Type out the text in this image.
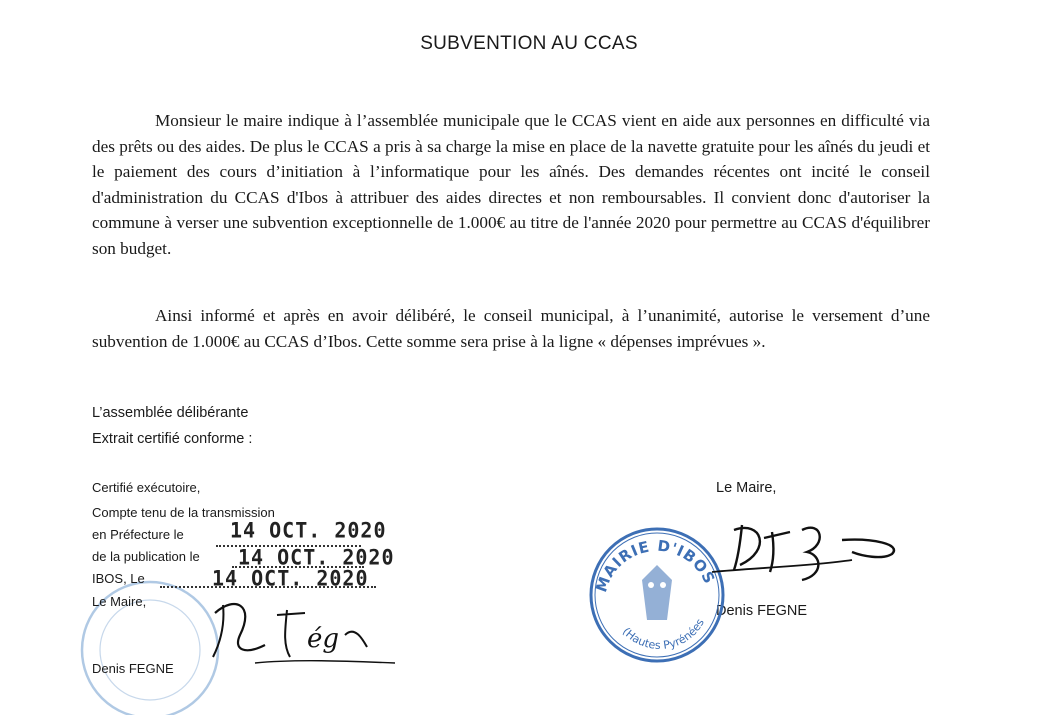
SUBVENTION AU CCAS

Monsieur le maire indique à l’assemblée municipale que le CCAS vient en aide aux personnes en difficulté via des prêts ou des aides. De plus le CCAS a pris à sa charge la mise en place de la navette gratuite pour les aînés du jeudi et le paiement des cours d’initiation à l’informatique pour les aînés. Des demandes récentes ont incité le conseil d'administration du CCAS d'Ibos à attribuer des aides directes et non remboursables. Il convient donc d'autoriser la commune à verser une subvention exceptionnelle de 1.000€ au titre de l'année 2020 pour permettre au CCAS d'équilibrer son budget.

Ainsi informé et après en avoir délibéré, le conseil municipal, à l’unanimité, autorise le versement d’une subvention de 1.000€ au CCAS d’Ibos. Cette somme sera prise à la ligne « dépenses imprévues ».

L’assemblée délibérante
Extrait certifié conforme :
Certifié exécutoire,
Compte tenu de la transmission
en Préfecture le 14 OCT. 2020
de la publication le 14 OCT. 2020
IBOS, Le	14 OCT. 2020
Le Maire,
Denis FEGNE
ég
Le Maire,
Denis FEGNE
MAIRIE D'IBOS
(Hautes Pyrénées)
